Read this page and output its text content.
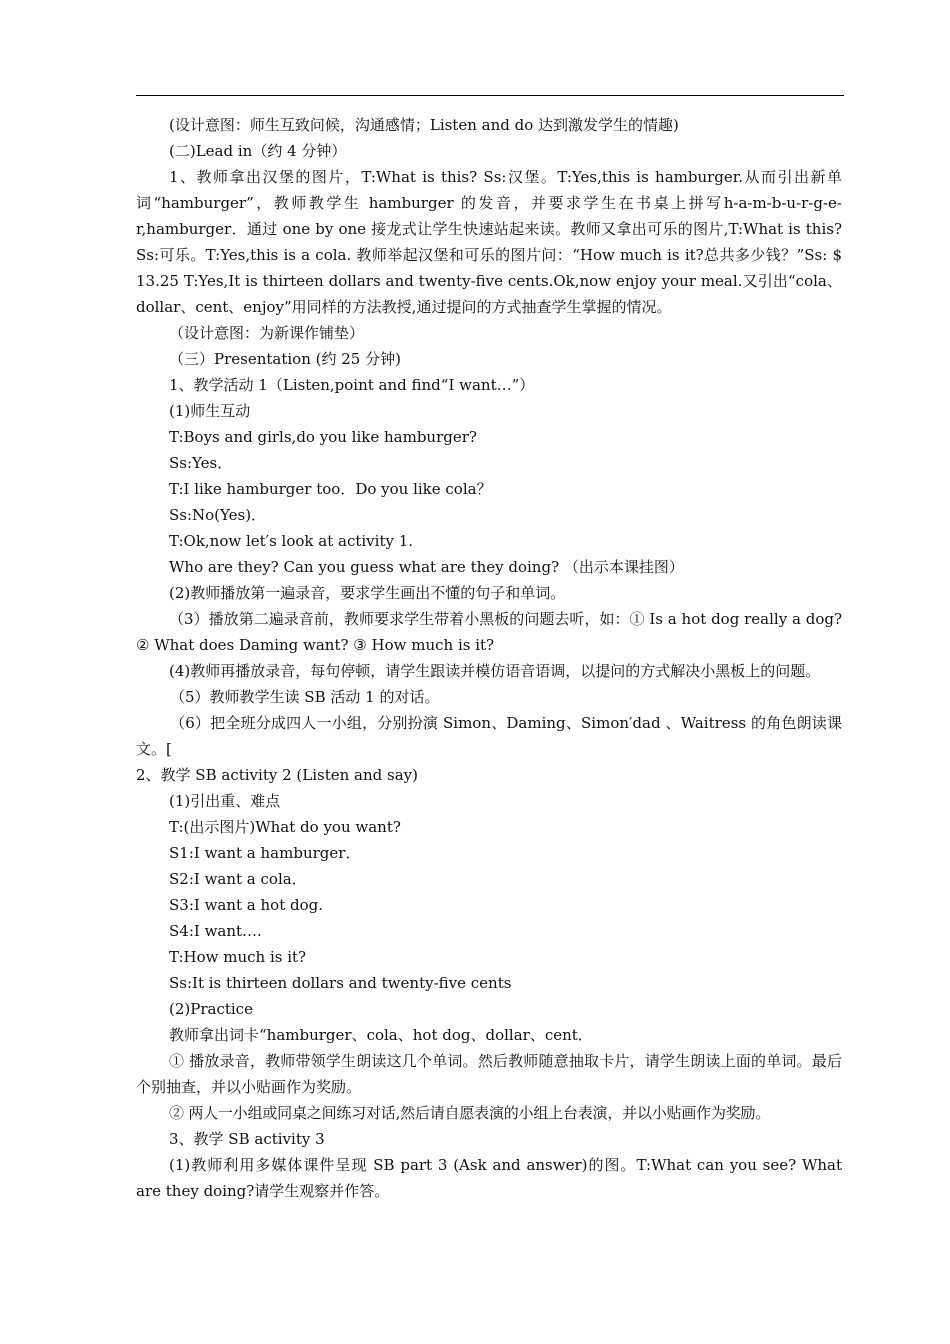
(设计意图：师生互致问候，沟通感情；Listen and do 达到激发学生的情趣)

(二)Lead in（约 4 分钟）

1、教师拿出汉堡的图片，T:What is this? Ss:汉堡。T:Yes,this is hamburger.从而引出新单词“hamburger”，教师教学生 hamburger 的发音，并要求学生在书桌上拼写h-a-m-b-u-r-g-e-r,hamburger．通过 one by one 接龙式让学生快速站起来读。教师又拿出可乐的图片,T:What is this? Ss:可乐。T:Yes,this is a cola. 教师举起汉堡和可乐的图片问：“How much is it?总共多少钱？”Ss: $ 13.25 T:Yes,It is thirteen dollars and twenty-five cents.Ok,now enjoy your meal.又引出“cola、dollar、cent、enjoy”用同样的方法教授,通过提问的方式抽查学生掌握的情况。

（设计意图：为新课作铺垫）

（三）Presentation (约 25 分钟)

1、教学活动 1（Listen,point and find“I want…”）

(1)师生互动

T:Boys and girls,do you like hamburger?

Ss:Yes．

T:I like hamburger too．Do you like cola？

Ss:No(Yes)．

T:Ok,now let′s look at activity 1.

Who are they? Can you guess what are they doing? （出示本课挂图）

(2)教师播放第一遍录音，要求学生画出不懂的句子和单词。

（3）播放第二遍录音前，教师要求学生带着小黑板的问题去听，如：① Is a hot dog really a dog? ② What does Daming want? ③ How much is it?

(4)教师再播放录音，每句停顿，请学生跟读并模仿语音语调，以提问的方式解决小黑板上的问题。

（5）教师教学生读 SB 活动 1 的对话。

（6）把全班分成四人一小组，分别扮演 Simon、Daming、Simon′dad 、Waitress 的角色朗读课文。[

2、教学 SB activity 2 (Listen and say)

(1)引出重、难点

T:(出示图片)What do you want?

S1:I want a hamburger．

S2:I want a cola．

S3:I want a hot dog.

S4:I want….

T:How much is it?

Ss:It is thirteen dollars and twenty-five cents

(2)Practice

教师拿出词卡“hamburger、cola、hot dog、dollar、cent．

① 播放录音，教师带领学生朗读这几个单词。然后教师随意抽取卡片，请学生朗读上面的单词。最后个别抽查，并以小贴画作为奖励。

② 两人一小组或同桌之间练习对话,然后请自愿表演的小组上台表演，并以小贴画作为奖励。

3、教学 SB activity 3

(1)教师利用多媒体课件呈现 SB part 3 (Ask and answer)的图。T:What can you see? What are they doing?请学生观察并作答。
